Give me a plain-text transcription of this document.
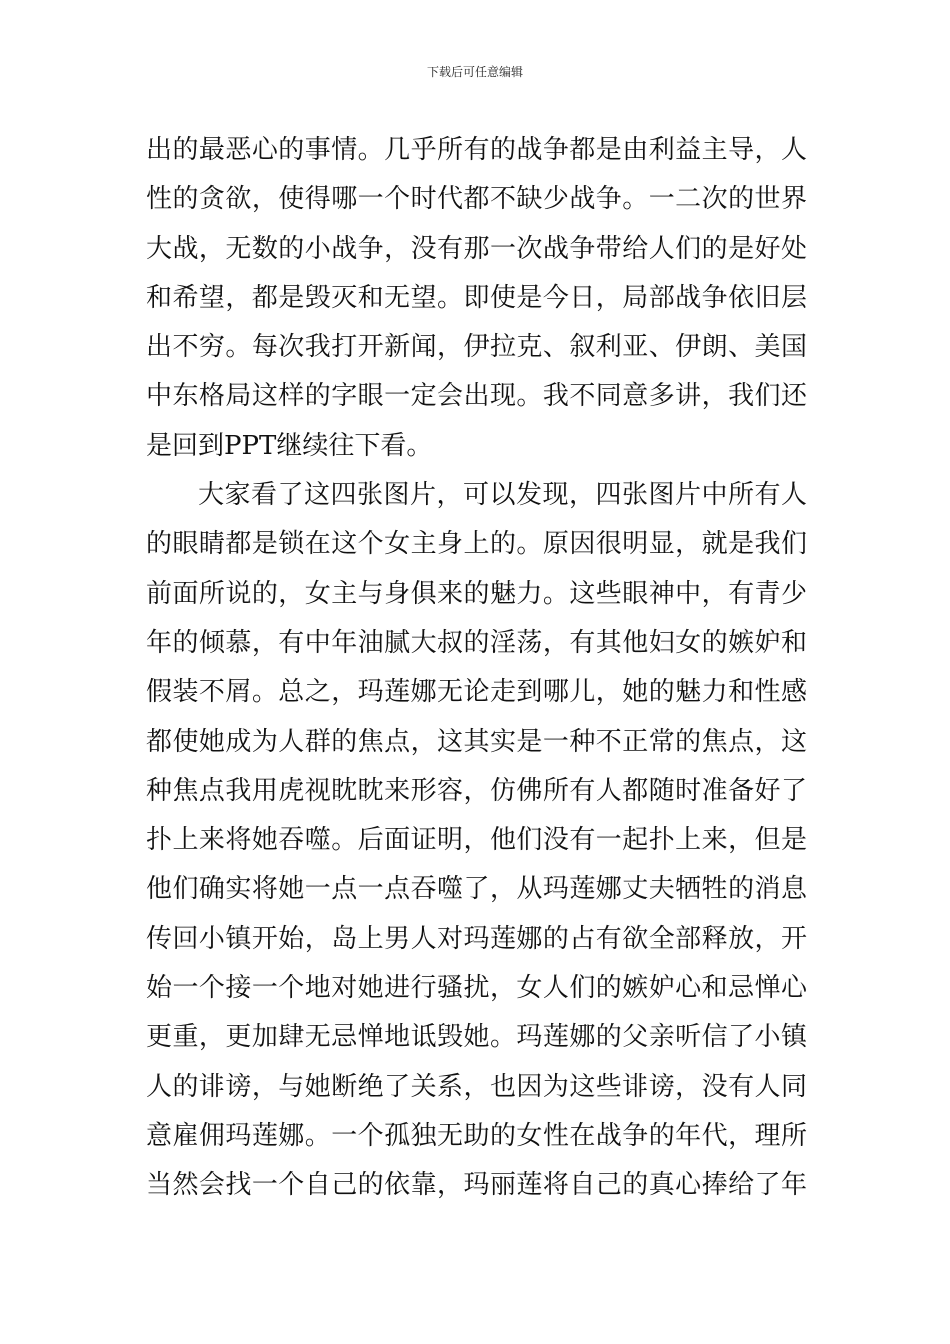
下载后可任意编辑
出的最恶心的事情。几乎所有的战争都是由利益主导，人
性的贪欲，使得哪一个时代都不缺少战争。一二次的世界
大战，无数的小战争，没有那一次战争带给人们的是好处
和希望，都是毁灭和无望。即使是今日，局部战争依旧层
出不穷。每次我打开新闻，伊拉克、叙利亚、伊朗、美国
中东格局这样的字眼一定会出现。我不同意多讲，我们还
是回到PPT继续往下看。
大家看了这四张图片，可以发现，四张图片中所有人
的眼睛都是锁在这个女主身上的。原因很明显，就是我们
前面所说的，女主与身俱来的魅力。这些眼神中，有青少
年的倾慕，有中年油腻大叔的淫荡，有其他妇女的嫉妒和
假装不屑。总之，玛莲娜无论走到哪儿，她的魅力和性感
都使她成为人群的焦点，这其实是一种不正常的焦点，这
种焦点我用虎视眈眈来形容，仿佛所有人都随时准备好了
扑上来将她吞噬。后面证明，他们没有一起扑上来，但是
他们确实将她一点一点吞噬了，从玛莲娜丈夫牺牲的消息
传回小镇开始，岛上男人对玛莲娜的占有欲全部释放，开
始一个接一个地对她进行骚扰，女人们的嫉妒心和忌惮心
更重，更加肆无忌惮地诋毁她。玛莲娜的父亲听信了小镇
人的诽谤，与她断绝了关系，也因为这些诽谤，没有人同
意雇佣玛莲娜。一个孤独无助的女性在战争的年代，理所
当然会找一个自己的依靠，玛丽莲将自己的真心捧给了年
